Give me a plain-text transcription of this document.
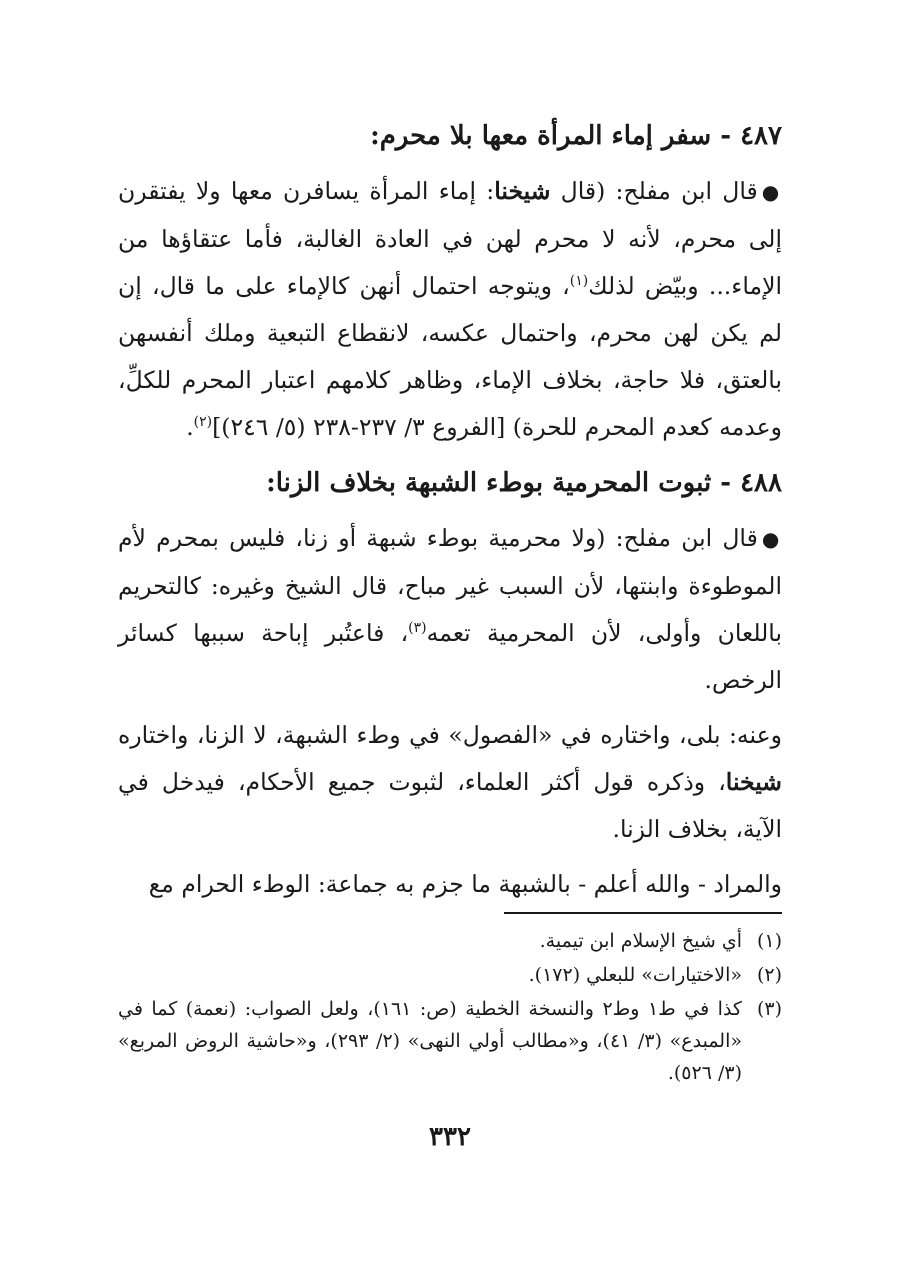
٤٨٧ - سفر إماء المرأة معها بلا محرم:

●قال ابن مفلح: (قال شيخنا: إماء المرأة يسافرن معها ولا يفتقرن إلى محرم، لأنه لا محرم لهن في العادة الغالبة، فأما عتقاؤها من الإماء... وبيّض لذلك$^{(١)}$، ويتوجه احتمال أنهن كالإماء على ما قال، إن لم يكن لهن محرم، واحتمال عكسه، لانقطاع التبعية وملك أنفسهن بالعتق، فلا حاجة، بخلاف الإماء، وظاهر كلامهم اعتبار المحرم للكلِّ، وعدمه كعدم المحرم للحرة) [الفروع ٣/ ٢٣٧-٢٣٨ (٥/ ٢٤٦)]$^{(٢)}$.

٤٨٨ - ثبوت المحرمية بوطء الشبهة بخلاف الزنا:

●قال ابن مفلح: (ولا محرمية بوطء شبهة أو زنا، فليس بمحرم لأم الموطوءة وابنتها، لأن السبب غير مباح، قال الشيخ وغيره: كالتحريم باللعان وأولى، لأن المحرمية تعمه$^{(٣)}$، فاعتُبر إباحة سببها كسائر الرخص.

وعنه: بلى، واختاره في «الفصول» في وطء الشبهة، لا الزنا، واختاره شيخنا، وذكره قول أكثر العلماء، لثبوت جميع الأحكام، فيدخل في الآية، بخلاف الزنا.

والمراد - والله أعلم - بالشبهة ما جزم به جماعة: الوطء الحرام مع

(١)
أي شيخ الإسلام ابن تيمية.
(٢)
«الاختيارات» للبعلي (١٧٢).
(٣)
كذا في ط١ وط٢ والنسخة الخطية (ص: ١٦١)، ولعل الصواب: (نعمة) كما في «المبدع» (٣/ ٤١)، و«مطالب أولي النهى» (٢/ ٢٩٣)، و«حاشية الروض المربع» (٣/ ٥٢٦).
٣٣٢
